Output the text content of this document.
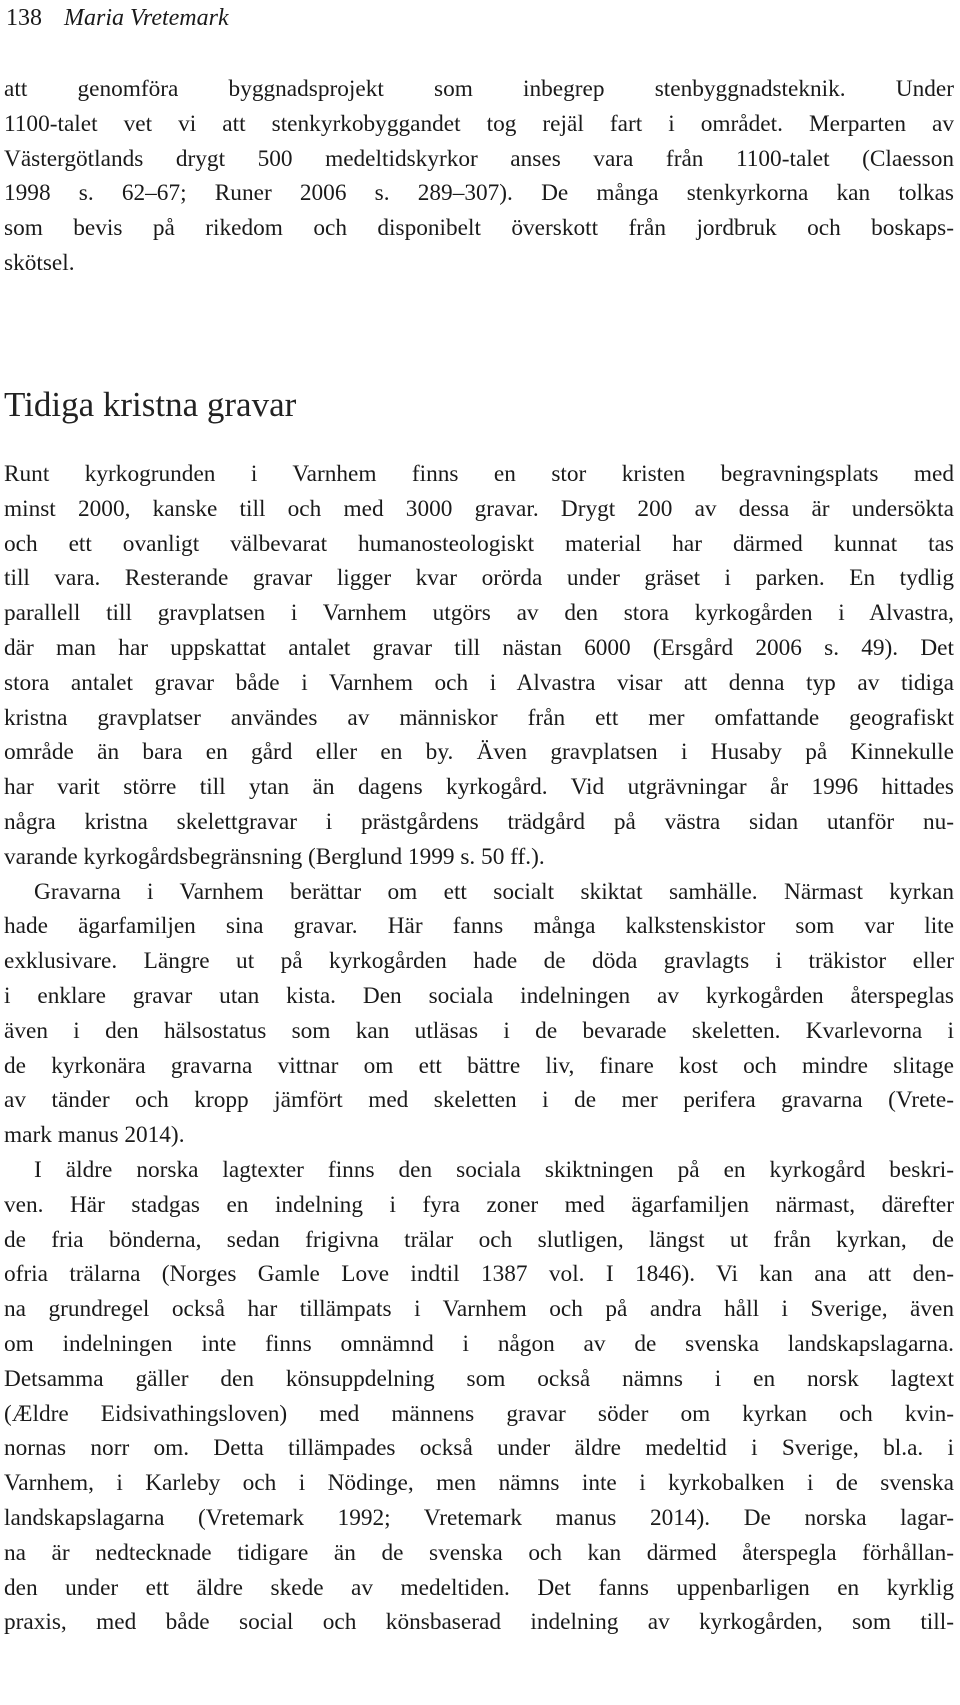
138 Maria Vretemark
att genomföra byggnadsprojekt som inbegrep stenbyggnadsteknik. Under
1100-talet vet vi att stenkyrkobyggandet tog rejäl fart i området. Merparten av
Västergötlands drygt 500 medeltidskyrkor anses vara från 1100-talet (Claesson
1998 s. 62–67; Runer 2006 s. 289–307). De många stenkyrkorna kan tolkas
som bevis på rikedom och disponibelt överskott från jordbruk och boskaps-
skötsel.
Tidiga kristna gravar
Runt kyrkogrunden i Varnhem finns en stor kristen begravningsplats med
minst 2000, kanske till och med 3000 gravar. Drygt 200 av dessa är undersökta
och ett ovanligt välbevarat humanosteologiskt material har därmed kunnat tas
till vara. Resterande gravar ligger kvar orörda under gräset i parken. En tydlig
parallell till gravplatsen i Varnhem utgörs av den stora kyrkogården i Alvastra,
där man har uppskattat antalet gravar till nästan 6000 (Ersgård 2006 s. 49). Det
stora antalet gravar både i Varnhem och i Alvastra visar att denna typ av tidiga
kristna gravplatser användes av människor från ett mer omfattande geografiskt
område än bara en gård eller en by. Även gravplatsen i Husaby på Kinnekulle
har varit större till ytan än dagens kyrkogård. Vid utgrävningar år 1996 hittades
några kristna skelettgravar i prästgårdens trädgård på västra sidan utanför nu-
varande kyrkogårdsbegränsning (Berglund 1999 s. 50 ff.).
Gravarna i Varnhem berättar om ett socialt skiktat samhälle. Närmast kyrkan
hade ägarfamiljen sina gravar. Här fanns många kalkstenskistor som var lite
exklusivare. Längre ut på kyrkogården hade de döda gravlagts i träkistor eller
i enklare gravar utan kista. Den sociala indelningen av kyrkogården återspeglas
även i den hälsostatus som kan utläsas i de bevarade skeletten. Kvarlevorna i
de kyrkonära gravarna vittnar om ett bättre liv, finare kost och mindre slitage
av tänder och kropp jämfört med skeletten i de mer perifera gravarna (Vrete-
mark manus 2014).
I äldre norska lagtexter finns den sociala skiktningen på en kyrkogård beskri-
ven. Här stadgas en indelning i fyra zoner med ägarfamiljen närmast, därefter
de fria bönderna, sedan frigivna trälar och slutligen, längst ut från kyrkan, de
ofria trälarna (Norges Gamle Love indtil 1387 vol. I 1846). Vi kan ana att den-
na grundregel också har tillämpats i Varnhem och på andra håll i Sverige, även
om indelningen inte finns omnämnd i någon av de svenska landskapslagarna.
Detsamma gäller den könsuppdelning som också nämns i en norsk lagtext
(Ældre Eidsivathingsloven) med männens gravar söder om kyrkan och kvin-
nornas norr om. Detta tillämpades också under äldre medeltid i Sverige, bl.a. i
Varnhem, i Karleby och i Nödinge, men nämns inte i kyrkobalken i de svenska
landskapslagarna (Vretemark 1992; Vretemark manus 2014). De norska lagar-
na är nedtecknade tidigare än de svenska och kan därmed återspegla förhållan-
den under ett äldre skede av medeltiden. Det fanns uppenbarligen en kyrklig
praxis, med både social och könsbaserad indelning av kyrkogården, som till-
